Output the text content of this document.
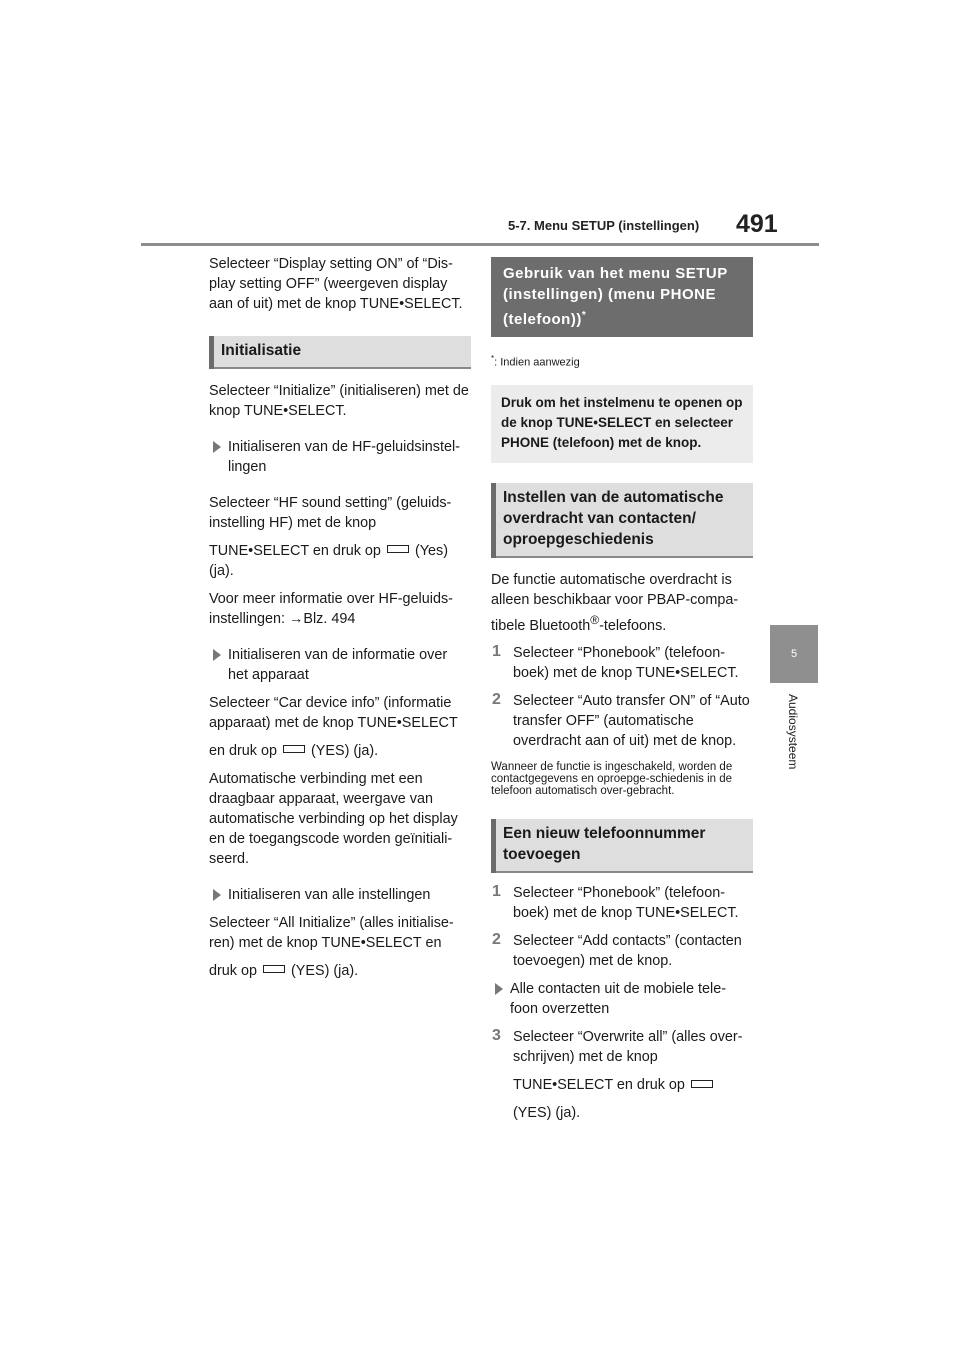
5-7. Menu SETUP (instellingen) 491
5
Audiosysteem

Selecteer “Display setting ON” of “Dis-play setting OFF” (weergeven display aan of uit) met de knop TUNE•SELECT.

Initialisatie

Selecteer “Initialize” (initialiseren) met de knop TUNE•SELECT.

Initialiseren van de HF-geluidsinstel-lingen

Selecteer “HF sound setting” (geluids-instelling HF) met de knop

TUNE•SELECT en druk op (Yes) (ja).

Voor meer informatie over HF-geluids-instellingen: →Blz. 494

Initialiseren van de informatie over het apparaat

Selecteer “Car device info” (informatie apparaat) met de knop TUNE•SELECT

en druk op (YES) (ja).

Automatische verbinding met een draagbaar apparaat, weergave van automatische verbinding op het display en de toegangscode worden geïnitiali-seerd.

Initialiseren van alle instellingen

Selecteer “All Initialize” (alles initialise-ren) met de knop TUNE•SELECT en

druk op (YES) (ja).

Gebruik van het menu SETUP (instellingen) (menu PHONE (telefoon))*

*: Indien aanwezig

Druk om het instelmenu te openen op de knop TUNE•SELECT en selecteer PHONE (telefoon) met de knop.
Instellen van de automatische overdracht van contacten/ oproepgeschiedenis

De functie automatische overdracht is alleen beschikbaar voor PBAP-compa-tibele Bluetooth®-telefoons.

1 Selecteer “Phonebook” (telefoon-boek) met de knop TUNE•SELECT.

2 Selecteer “Auto transfer ON” of “Auto transfer OFF” (automatische overdracht aan of uit) met de knop.

Wanneer de functie is ingeschakeld, worden de contactgegevens en oproepge-schiedenis in de telefoon automatisch over-gebracht.

Een nieuw telefoonnummer toevoegen
1 Selecteer “Phonebook” (telefoon-boek) met de knop TUNE•SELECT.

2 Selecteer “Add contacts” (contacten toevoegen) met de knop.

Alle contacten uit de mobiele tele-foon overzetten

3 Selecteer “Overwrite all” (alles over-schrijven) met de knop

TUNE•SELECT en druk op

(YES) (ja).
